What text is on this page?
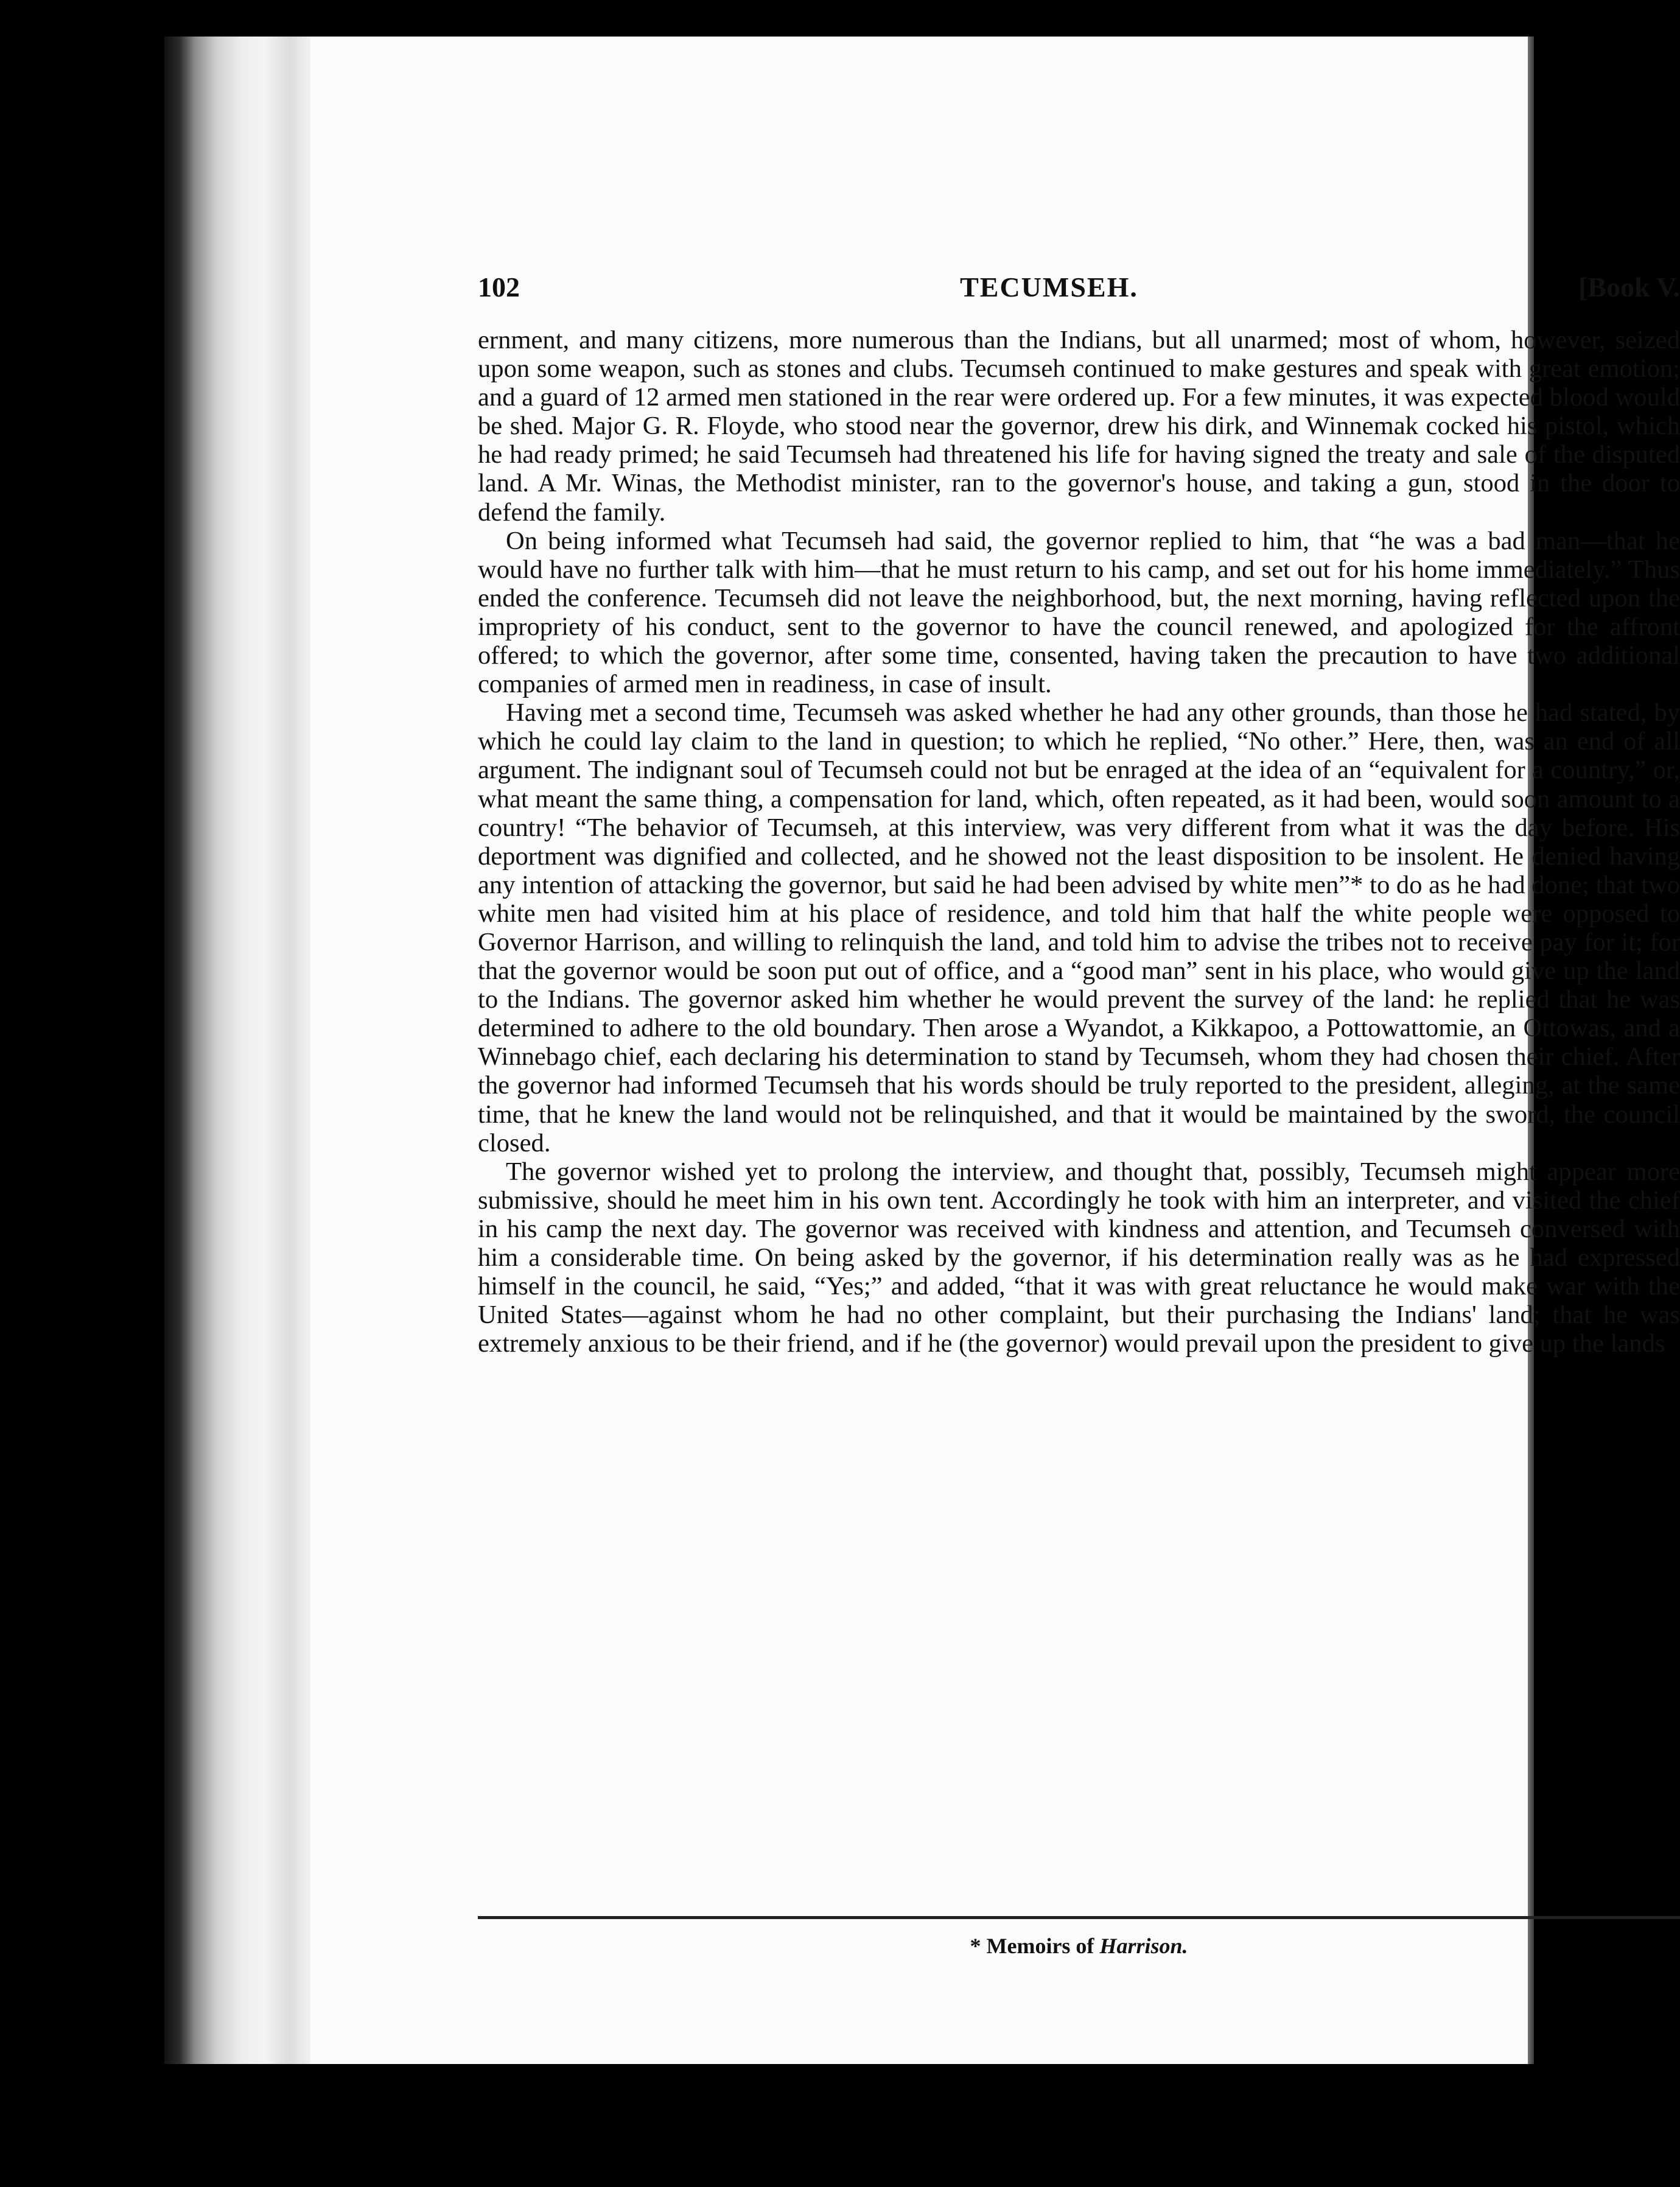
102	TECUMSEH.	[Book V.

ernment, and many citizens, more numerous than the Indians, but all unarmed; most of whom, however, seized upon some weapon, such as stones and clubs. Tecumseh continued to make gestures and speak with great emotion; and a guard of 12 armed men stationed in the rear were ordered up. For a few minutes, it was expected blood would be shed. Major G. R. Floyde, who stood near the governor, drew his dirk, and Winnemak cocked his pistol, which he had ready primed; he said Tecumseh had threatened his life for having signed the treaty and sale of the disputed land. A Mr. Winas, the Methodist minister, ran to the governor's house, and taking a gun, stood in the door to defend the family.

On being informed what Tecumseh had said, the governor replied to him, that “he was a bad man—that he would have no further talk with him—that he must return to his camp, and set out for his home immediately.” Thus ended the conference. Tecumseh did not leave the neighborhood, but, the next morning, having reflected upon the impropriety of his conduct, sent to the governor to have the council renewed, and apologized for the affront offered; to which the governor, after some time, consented, having taken the precaution to have two additional companies of armed men in readiness, in case of insult.

Having met a second time, Tecumseh was asked whether he had any other grounds, than those he had stated, by which he could lay claim to the land in question; to which he replied, “No other.” Here, then, was an end of all argument. The indignant soul of Tecumseh could not but be enraged at the idea of an “equivalent for a country,” or, what meant the same thing, a compensation for land, which, often repeated, as it had been, would soon amount to a country! “The behavior of Tecumseh, at this interview, was very different from what it was the day before. His deportment was dignified and collected, and he showed not the least disposition to be insolent. He denied having any intention of attacking the governor, but said he had been advised by white men”* to do as he had done; that two white men had visited him at his place of residence, and told him that half the white people were opposed to Governor Harrison, and willing to relinquish the land, and told him to advise the tribes not to receive pay for it; for that the governor would be soon put out of office, and a “good man” sent in his place, who would give up the land to the Indians. The governor asked him whether he would prevent the survey of the land: he replied that he was determined to adhere to the old boundary. Then arose a Wyandot, a Kikkapoo, a Pottowattomie, an Ottowas, and a Winnebago chief, each declaring his determination to stand by Tecumseh, whom they had chosen their chief. After the governor had informed Tecumseh that his words should be truly reported to the president, alleging, at the same time, that he knew the land would not be relinquished, and that it would be maintained by the sword, the council closed.

The governor wished yet to prolong the interview, and thought that, possibly, Tecumseh might appear more submissive, should he meet him in his own tent. Accordingly he took with him an interpreter, and visited the chief in his camp the next day. The governor was received with kindness and attention, and Tecumseh conversed with him a considerable time. On being asked by the governor, if his determination really was as he had expressed himself in the council, he said, “Yes;” and added, “that it was with great reluctance he would make war with the United States—against whom he had no other complaint, but their purchasing the Indians' land; that he was extremely anxious to be their friend, and if he (the governor) would prevail upon the president to give up the lands

* Memoirs of Harrison.
